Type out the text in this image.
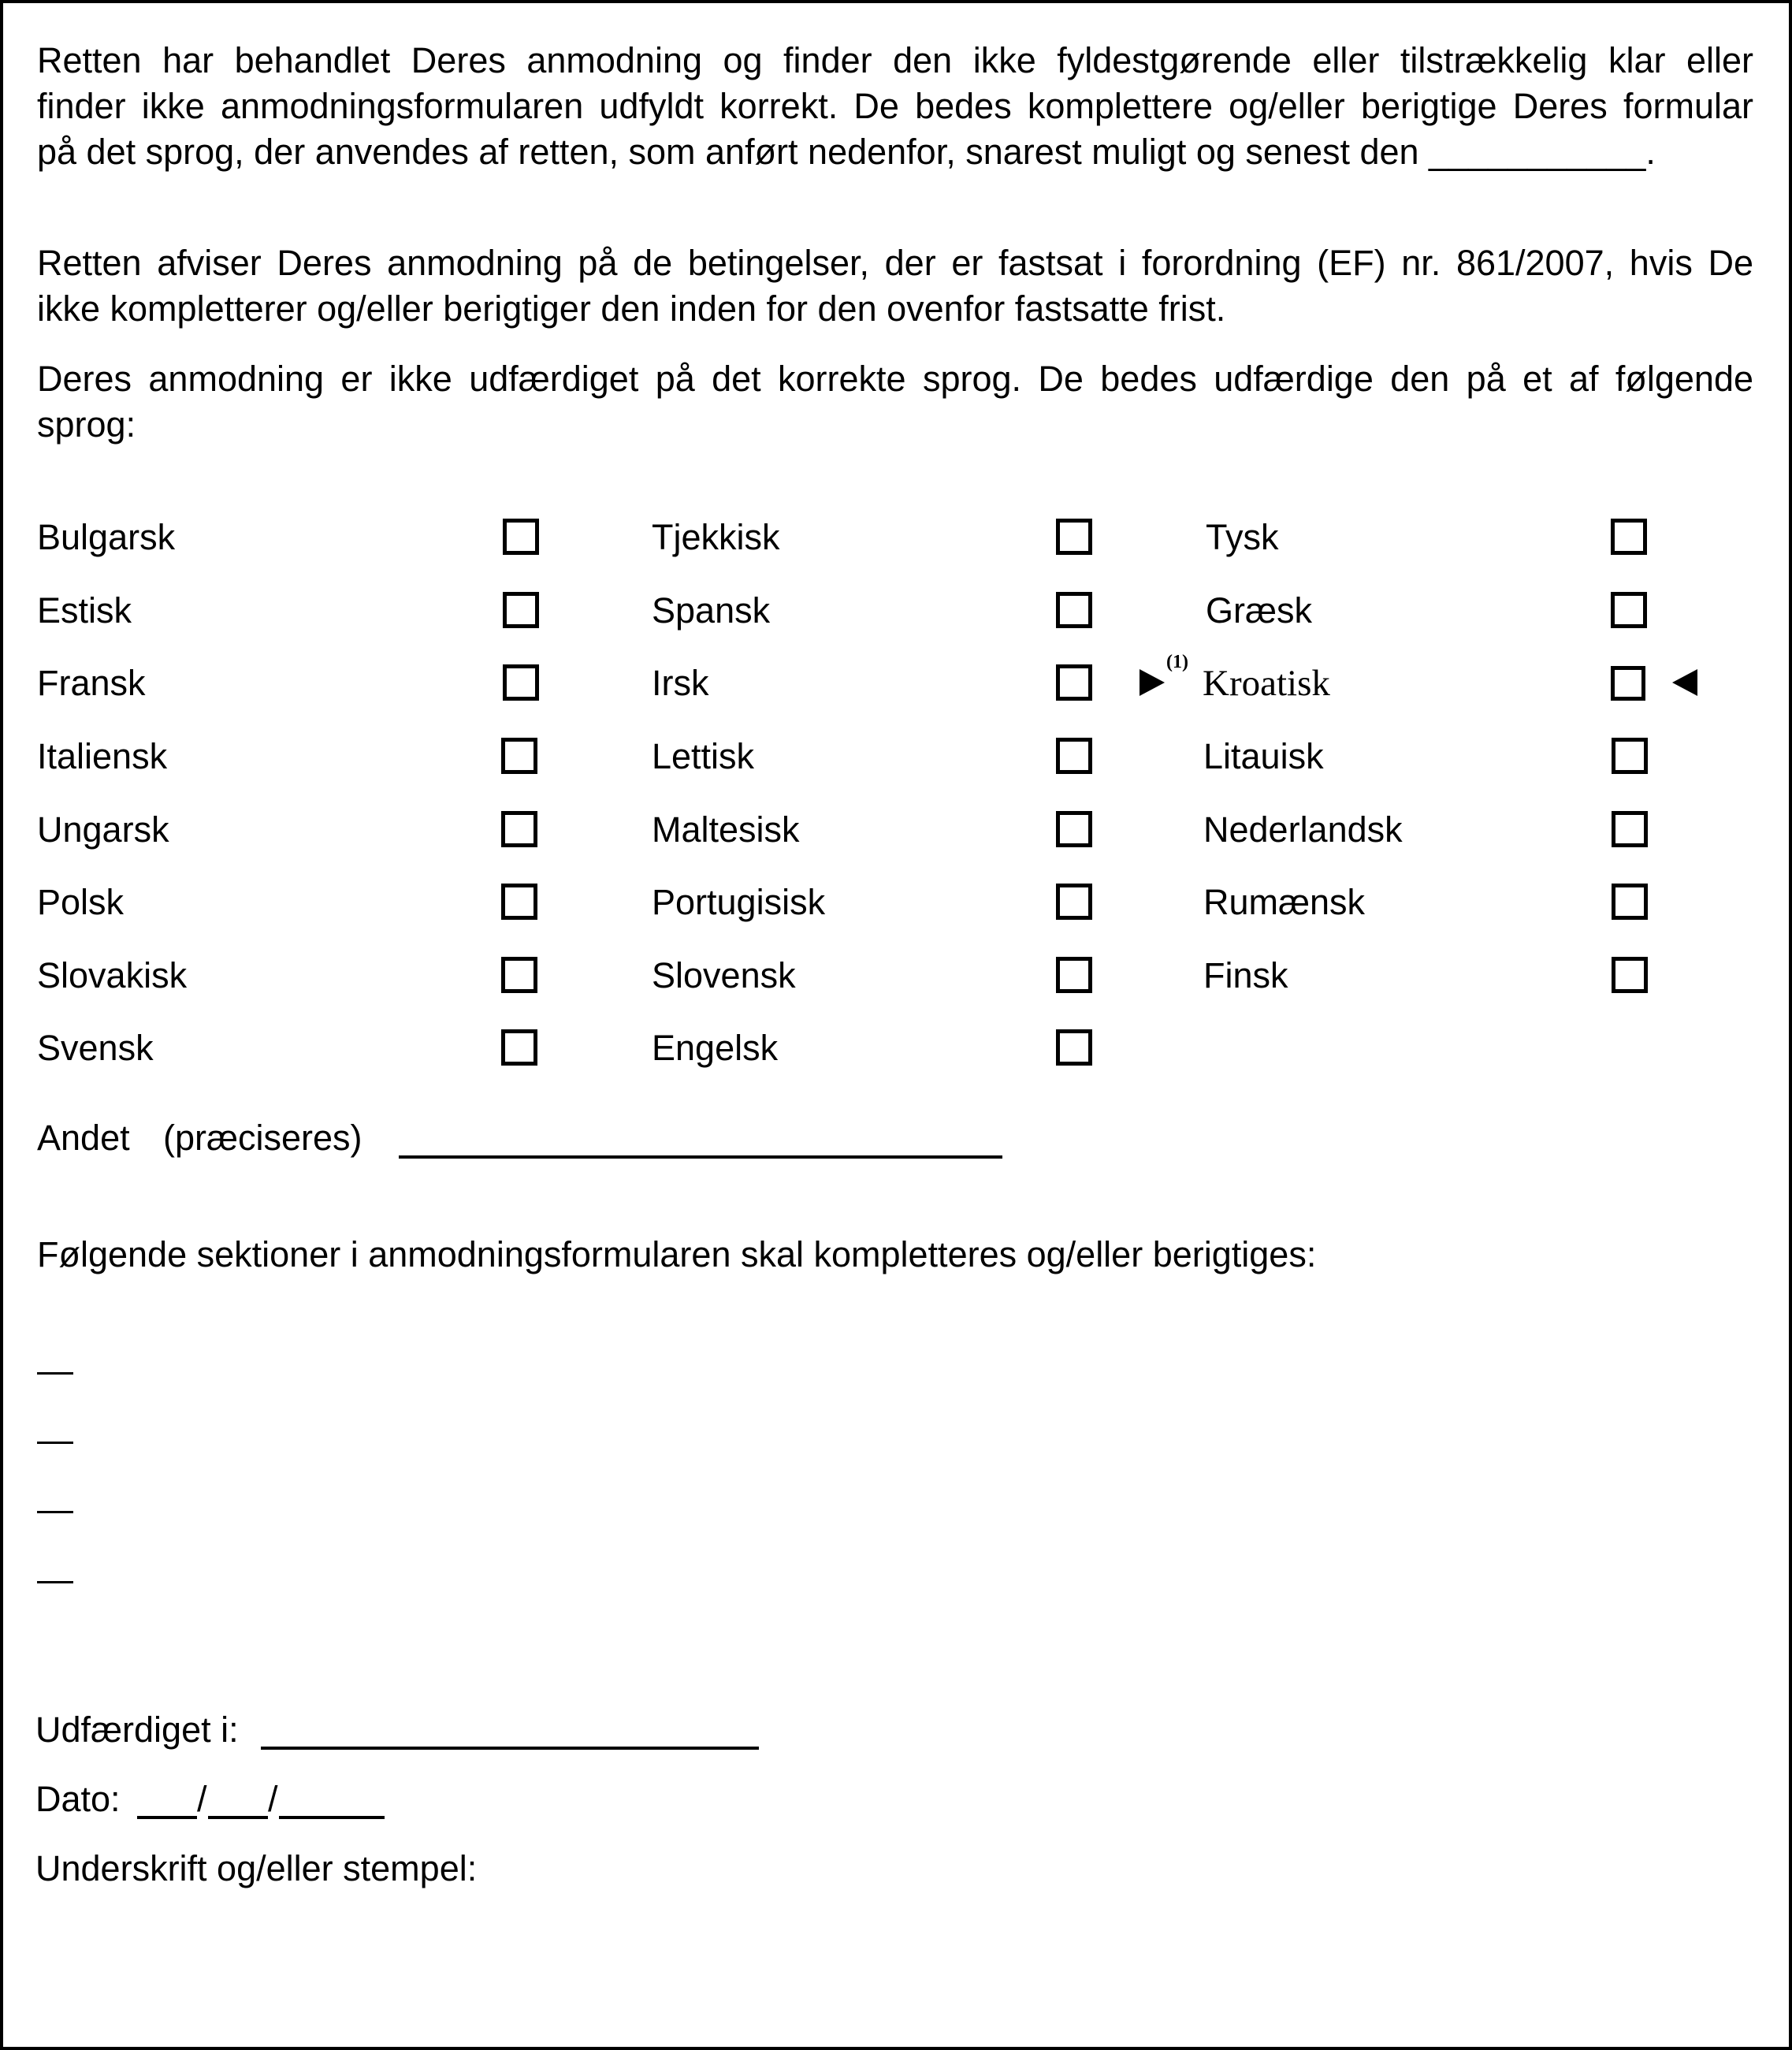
Retten har behandlet Deres anmodning og finder den ikke fyldestgørende eller tilstrækkelig klar eller
finder ikke anmodningsformularen udfyldt korrekt. De bedes komplettere og/eller berigtige Deres formular
på det sprog, der anvendes af retten, som anført nedenfor, snarest muligt og senest den ___________.
Retten afviser Deres anmodning på de betingelser, der er fastsat i forordning (EF) nr. 861/2007, hvis De
ikke kompletterer og/eller berigtiger den inden for den ovenfor fastsatte frist.
Deres anmodning er ikke udfærdiget på det korrekte sprog. De bedes udfærdige den på et af følgende
sprog:
Bulgarsk
Estisk
Fransk
Italiensk
Ungarsk
Polsk
Slovakisk
Svensk
Tjekkisk
Spansk
Irsk
Lettisk
Maltesisk
Portugisisk
Slovensk
Engelsk
Tysk
Græsk
(1)
Kroatisk
Litauisk
Nederlandsk
Rumænsk
Finsk
Andet (præciseres)
Følgende sektioner i anmodningsformularen skal kompletteres og/eller berigtiges:
Udfærdiget i:
Dato: / /
Underskrift og/eller stempel:
